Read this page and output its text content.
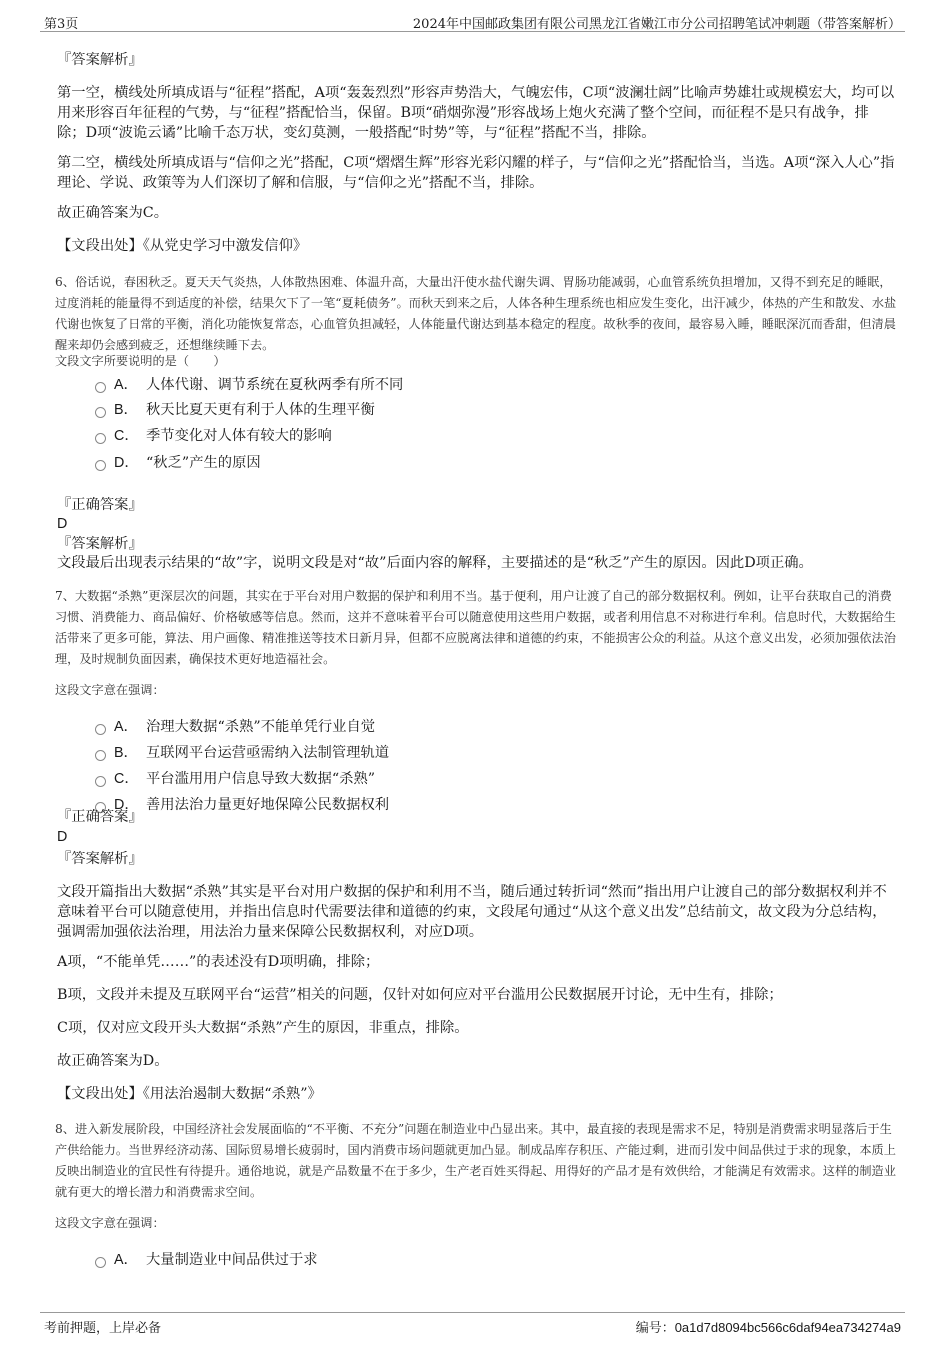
第3页	2024年中国邮政集团有限公司黑龙江省嫩江市分公司招聘笔试冲刺题（带答案解析）
『答案解析』
第一空，横线处所填成语与“征程”搭配，A项“轰轰烈烈”形容声势浩大，气魄宏伟，C项“波澜壮阔”比喻声势雄壮或规模宏大，均可以用来形容百年征程的气势，与“征程”搭配恰当，保留。B项“硝烟弥漫”形容战场上炮火充满了整个空间，而征程不是只有战争，排除；D项“波诡云谲”比喻千态万状，变幻莫测，一般搭配“时势”等，与“征程”搭配不当，排除。
第二空，横线处所填成语与“信仰之光”搭配，C项“熠熠生辉”形容光彩闪耀的样子，与“信仰之光”搭配恰当，当选。A项“深入人心”指理论、学说、政策等为人们深切了解和信服，与“信仰之光”搭配不当，排除。
故正确答案为C。
【文段出处】《从党史学习中激发信仰》
6、俗话说，春困秋乏。夏天天气炎热，人体散热困难、体温升高，大量出汗使水盐代谢失调、胃肠功能减弱，心血管系统负担增加，又得不到充足的睡眠，过度消耗的能量得不到适度的补偿，结果欠下了一笔“夏耗债务”。而秋天到来之后，人体各种生理系统也相应发生变化，出汗减少，体热的产生和散发、水盐代谢也恢复了日常的平衡，消化功能恢复常态，心血管负担减轻，人体能量代谢达到基本稳定的程度。故秋季的夜间，最容易入睡，睡眠深沉而香甜，但清晨醒来却仍会感到疲乏，还想继续睡下去。
文段文字所要说明的是（　　）
A． 人体代谢、调节系统在夏秋两季有所不同
B． 秋天比夏天更有利于人体的生理平衡
C． 季节变化对人体有较大的影响
D． “秋乏”产生的原因
『正确答案』
D
『答案解析』
文段最后出现表示结果的“故”字，说明文段是对“故”后面内容的解释，主要描述的是“秋乏”产生的原因。因此D项正确。
7、大数据“杀熟”更深层次的问题，其实在于平台对用户数据的保护和利用不当。基于便利，用户让渡了自己的部分数据权利。例如，让平台获取自己的消费习惯、消费能力、商品偏好、价格敏感等信息。然而，这并不意味着平台可以随意使用这些用户数据，或者利用信息不对称进行牟利。信息时代，大数据给生活带来了更多可能，算法、用户画像、精准推送等技术日新月异，但都不应脱离法律和道德的约束，不能损害公众的利益。从这个意义出发，必须加强依法治理，及时规制负面因素，确保技术更好地造福社会。
这段文字意在强调：
A． 治理大数据“杀熟”不能单凭行业自觉
B． 互联网平台运营亟需纳入法制管理轨道
C． 平台滥用用户信息导致大数据“杀熟”
D． 善用法治力量更好地保障公民数据权利
『正确答案』
D
『答案解析』
文段开篇指出大数据“杀熟”其实是平台对用户数据的保护和利用不当，随后通过转折词“然而”指出用户让渡自己的部分数据权利并不意味着平台可以随意使用，并指出信息时代需要法律和道德的约束，文段尾句通过“从这个意义出发”总结前文，故文段为分总结构，强调需加强依法治理，用法治力量来保障公民数据权利，对应D项。
A项，“不能单凭……”的表述没有D项明确，排除；
B项，文段并未提及互联网平台“运营”相关的问题，仅针对如何应对平台滥用公民数据展开讨论，无中生有，排除；
C项，仅对应文段开头大数据“杀熟”产生的原因，非重点，排除。
故正确答案为D。
【文段出处】《用法治遏制大数据“杀熟”》
8、进入新发展阶段，中国经济社会发展面临的“不平衡、不充分”问题在制造业中凸显出来。其中，最直接的表现是需求不足，特别是消费需求明显落后于生产供给能力。当世界经济动荡、国际贸易增长疲弱时，国内消费市场问题就更加凸显。制成品库存积压、产能过剩，进而引发中间品供过于求的现象，本质上反映出制造业的宜民性有待提升。通俗地说，就是产品数量不在于多少，生产老百姓买得起、用得好的产品才是有效供给，才能满足有效需求。这样的制造业就有更大的增长潜力和消费需求空间。
这段文字意在强调：
A． 大量制造业中间品供过于求
考前押题，上岸必备	编号：0a1d7d8094bc566c6daf94ea734274a9
